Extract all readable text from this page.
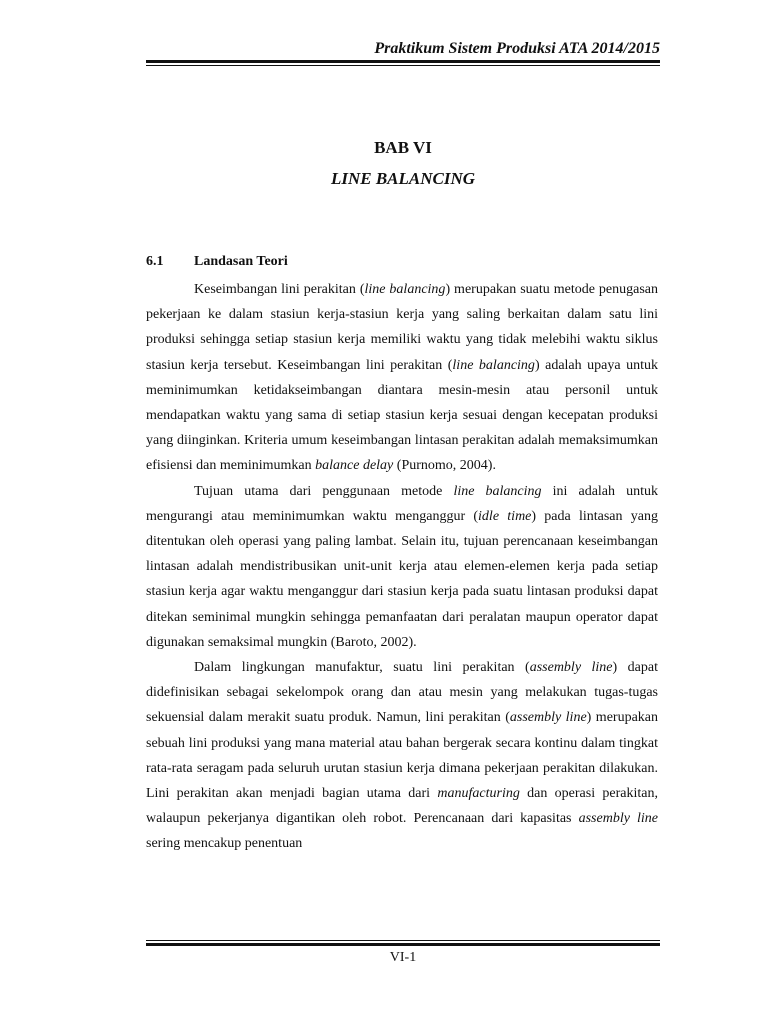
Praktikum Sistem Produksi ATA 2014/2015
BAB VI
LINE BALANCING
6.1 Landasan Teori

Keseimbangan lini perakitan (line balancing) merupakan suatu metode penugasan pekerjaan ke dalam stasiun kerja-stasiun kerja yang saling berkaitan dalam satu lini produksi sehingga setiap stasiun kerja memiliki waktu yang tidak melebihi waktu siklus stasiun kerja tersebut. Keseimbangan lini perakitan (line balancing) adalah upaya untuk meminimumkan ketidakseimbangan diantara mesin-mesin atau personil untuk mendapatkan waktu yang sama di setiap stasiun kerja sesuai dengan kecepatan produksi yang diinginkan. Kriteria umum keseimbangan lintasan perakitan adalah memaksimumkan efisiensi dan meminimumkan balance delay (Purnomo, 2004).

Tujuan utama dari penggunaan metode line balancing ini adalah untuk mengurangi atau meminimumkan waktu menganggur (idle time) pada lintasan yang ditentukan oleh operasi yang paling lambat. Selain itu, tujuan perencanaan keseimbangan lintasan adalah mendistribusikan unit-unit kerja atau elemen-elemen kerja pada setiap stasiun kerja agar waktu menganggur dari stasiun kerja pada suatu lintasan produksi dapat ditekan seminimal mungkin sehingga pemanfaatan dari peralatan maupun operator dapat digunakan semaksimal mungkin (Baroto, 2002).

Dalam lingkungan manufaktur, suatu lini perakitan (assembly line) dapat didefinisikan sebagai sekelompok orang dan atau mesin yang melakukan tugas-tugas sekuensial dalam merakit suatu produk. Namun, lini perakitan (assembly line) merupakan sebuah lini produksi yang mana material atau bahan bergerak secara kontinu dalam tingkat rata-rata seragam pada seluruh urutan stasiun kerja dimana pekerjaan perakitan dilakukan. Lini perakitan akan menjadi bagian utama dari manufacturing dan operasi perakitan, walaupun pekerjanya digantikan oleh robot. Perencanaan dari kapasitas assembly line sering mencakup penentuan

VI-1
